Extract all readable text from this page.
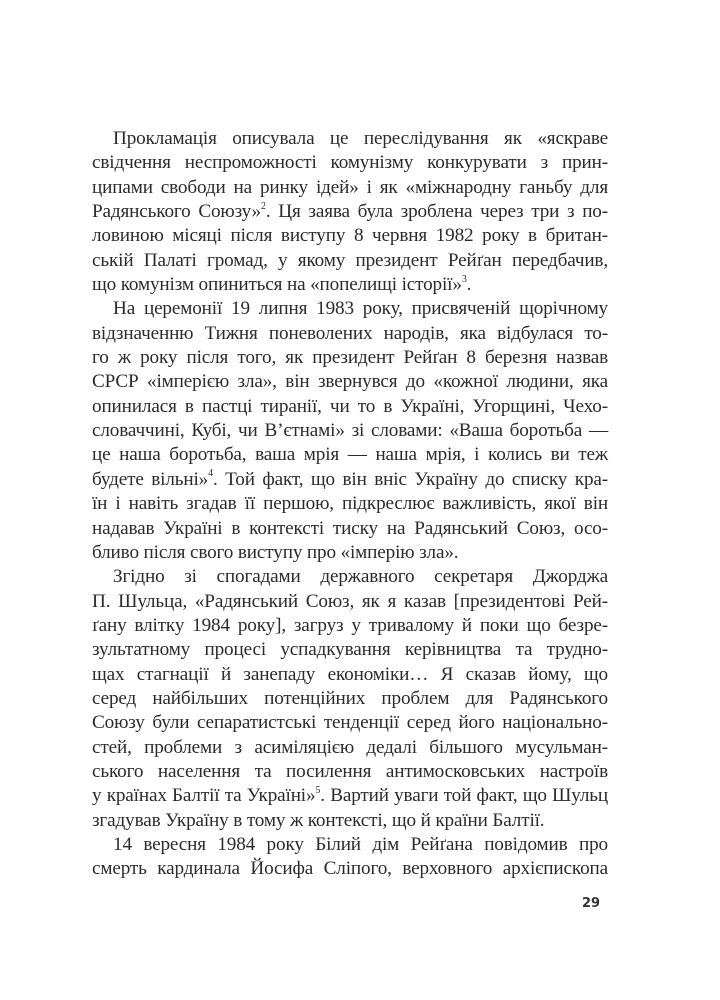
Прокламація описувала це переслідування як «яскраве
свідчення неспроможності комунізму конкурувати з прин-
ципами свободи на ринку ідей» і як «міжнародну ганьбу для
Радянського Союзу»$^2$. Ця заява була зроблена через три з по-
ловиною місяці після виступу 8 червня 1982 року в британ-
ській Палаті громад, у якому президент Рейґан передбачив,
що комунізм опиниться на «попелищі історії»$^3$.
На церемонії 19 липня 1983 року, присвяченій щорічному
відзначенню Тижня поневолених народів, яка відбулася то-
го ж року після того, як президент Рейґан 8 березня назвав
СРСР «імперією зла», він звернувся до «кожної людини, яка
опинилася в пастці тиранії, чи то в Україні, Угорщині, Чехо-
словаччині, Кубі, чи В’єтнамі» зі словами: «Ваша боротьба —
це наша боротьба, ваша мрія — наша мрія, і колись ви теж
будете вільні»$^4$. Той факт, що він вніс Україну до списку кра-
їн і навіть згадав її першою, підкреслює важливість, якої він
надавав Україні в контексті тиску на Радянський Союз, осо-
бливо після свого виступу про «імперію зла».
Згідно зі спогадами державного секретаря Джорджа
П. Шульца, «Радянський Союз, як я казав [президентові Рей-
ґану влітку 1984 року], загруз у тривалому й поки що безре-
зультатному процесі успадкування керівництва та трудно-
щах стагнації й занепаду економіки… Я сказав йому, що
серед найбільших потенційних проблем для Радянського
Союзу були сепаратистські тенденції серед його національно-
стей, проблеми з асиміляцією дедалі більшого мусульман-
ського населення та посилення антимосковських настроїв
у країнах Балтії та Україні»$^5$. Вартий уваги той факт, що Шульц
згадував Україну в тому ж контексті, що й країни Балтії.
14 вересня 1984 року Білий дім Рейґана повідомив про
смерть кардинала Йосифа Сліпого, верховного архієпископа
29
